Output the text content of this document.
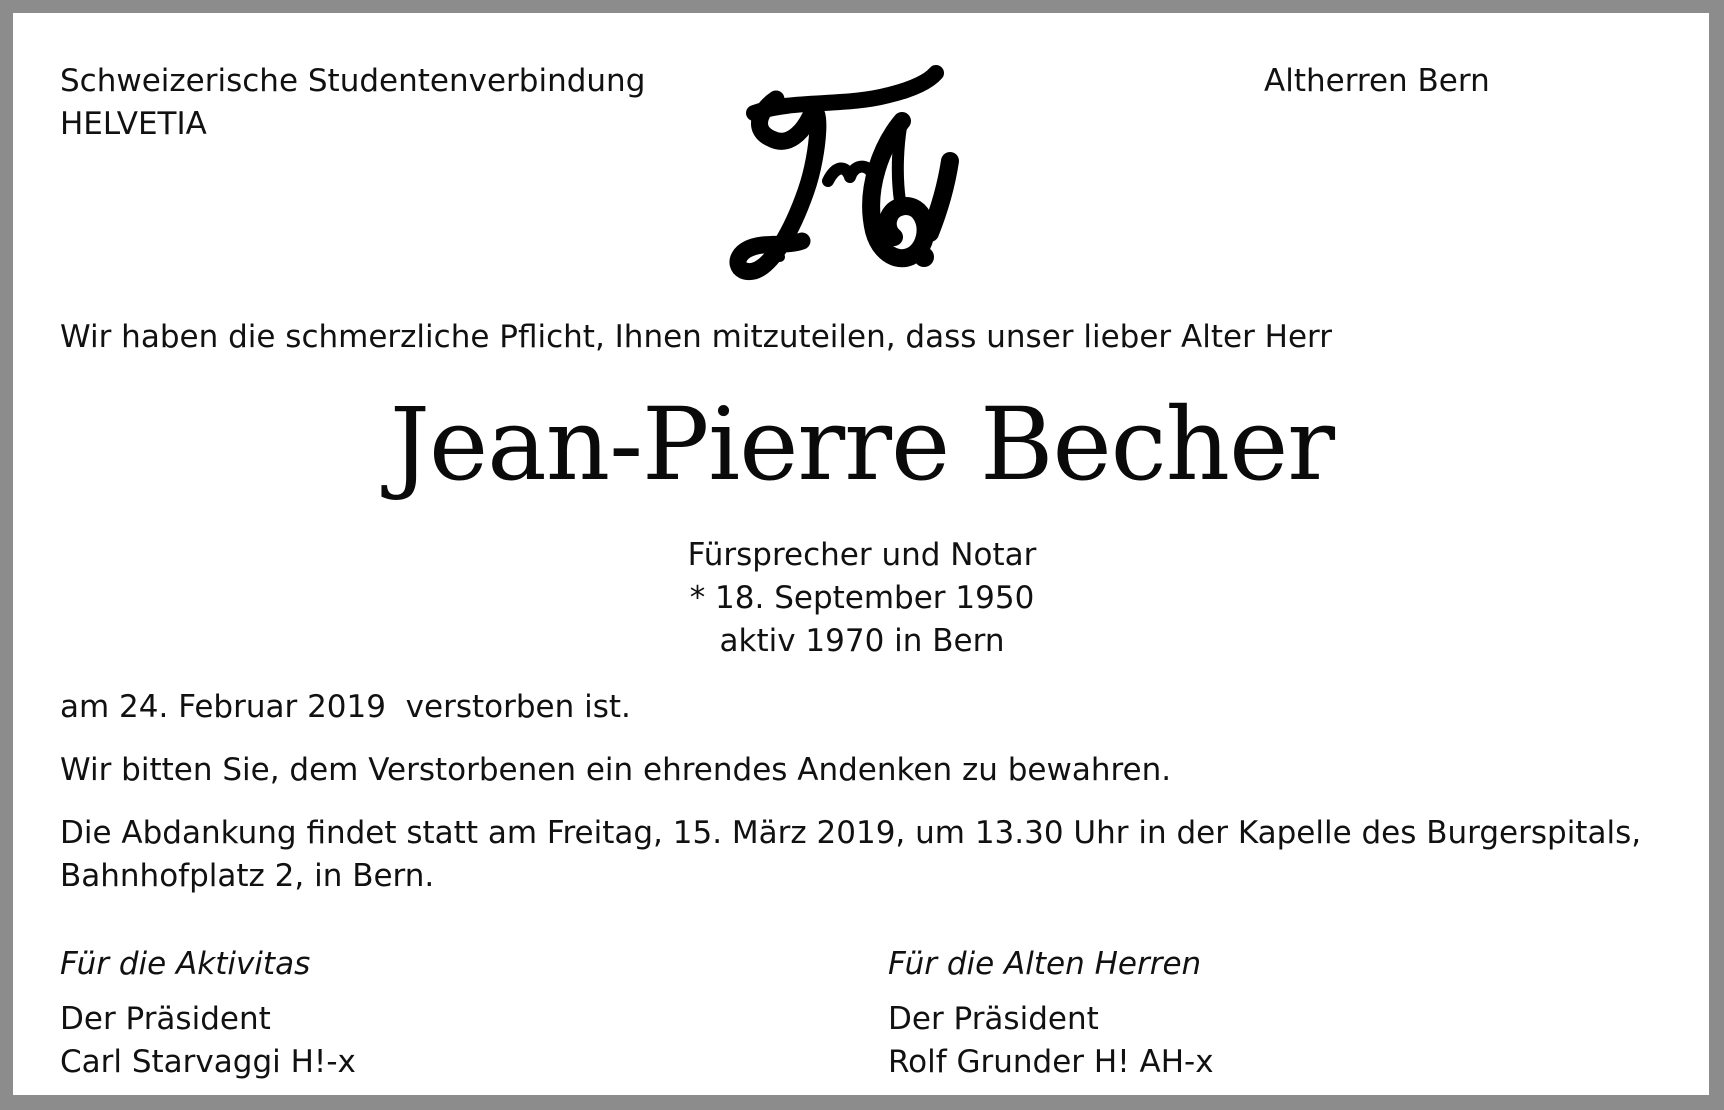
Schweizerische Studentenverbindung
HELVETIA
Altherren Bern
Wir haben die schmerzliche Pflicht, Ihnen mitzuteilen, dass unser lieber Alter Herr
Jean-Pierre Becher
Fürsprecher und Notar
* 18. September 1950
aktiv 1970 in Bern
am 24. Februar 2019  verstorben ist.
Wir bitten Sie, dem Verstorbenen ein ehrendes Andenken zu bewahren.
Die Abdankung findet statt am Freitag, 15. März 2019, um 13.30 Uhr in der Kapelle des Burgerspitals,
Bahnhofplatz 2, in Bern.
Für die Aktivitas	Für die Alten Herren
Der Präsident
Carl Starvaggi H!-x
Der Präsident
Rolf Grunder H! AH-x
